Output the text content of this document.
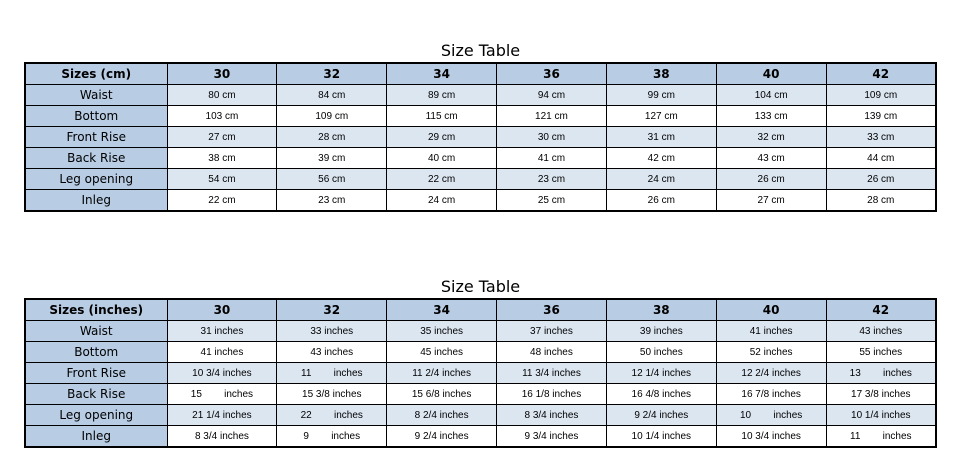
Size Table
Sizes (cm)	30	32	34	36	38	40	42
Waist	80 cm	84 cm	89 cm	94 cm	99 cm	104 cm	109 cm
Bottom	103 cm	109 cm	115 cm	121 cm	127 cm	133 cm	139 cm
Front Rise	27 cm	28 cm	29 cm	30 cm	31 cm	32 cm	33 cm
Back Rise	38 cm	39 cm	40 cm	41 cm	42 cm	43 cm	44 cm
Leg opening	54 cm	56 cm	22 cm	23 cm	24 cm	26 cm	26 cm
Inleg	22 cm	23 cm	24 cm	25 cm	26 cm	27 cm	28 cm
Size Table
Sizes (inches)	30	32	34	36	38	40	42
Waist	31 inches	33 inches	35 inches	37 inches	39 inches	41 inches	43 inches
Bottom	41 inches	43 inches	45 inches	48 inches	50 inches	52 inches	55 inches
Front Rise	10 3/4 inches	11        inches	11 2/4 inches	11 3/4 inches	12 1/4 inches	12 2/4 inches	13        inches
Back Rise	15        inches	15 3/8 inches	15 6/8 inches	16 1/8 inches	16 4/8 inches	16 7/8 inches	17 3/8 inches
Leg opening	21 1/4 inches	22        inches	8 2/4 inches	8 3/4 inches	9 2/4 inches	10        inches	10 1/4 inches
Inleg	8 3/4 inches	9        inches	9 2/4 inches	9 3/4 inches	10 1/4 inches	10 3/4 inches	11        inches
